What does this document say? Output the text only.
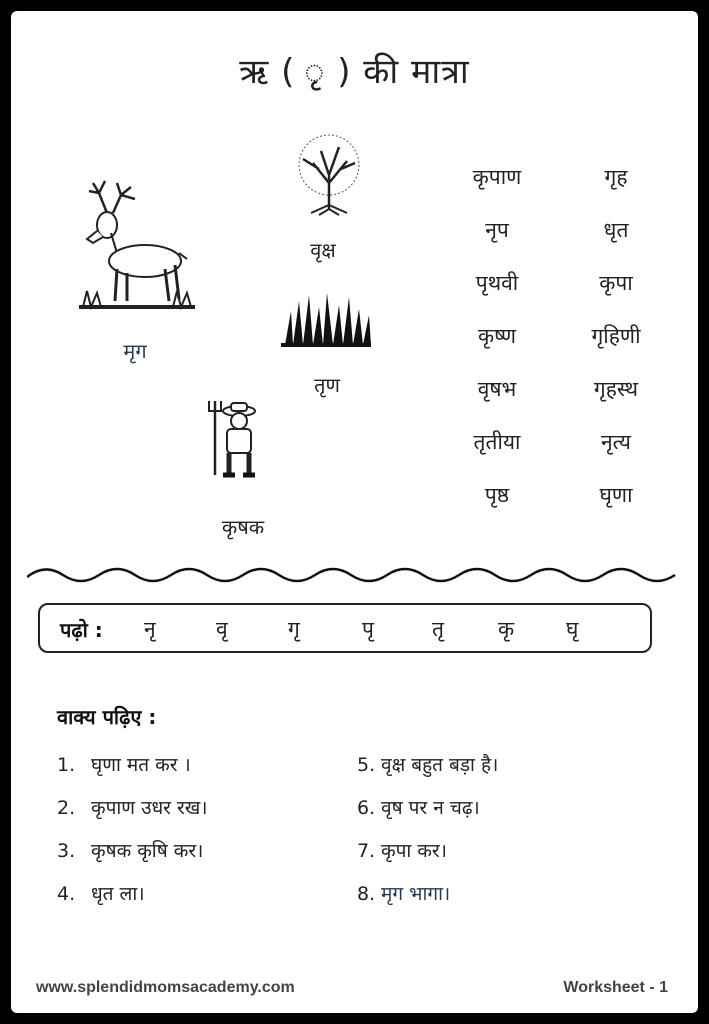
ऋ ( ृ ) की मात्रा
मृग
वृक्ष
तृण
कृषक
कृपाण	गृह
नृप	धृत
पृथवी	कृपा
कृष्ण	गृहिणी
वृषभ	गृहस्थ
तृतीया	नृत्य
पृष्ठ	घृणा
पढ़ो : नृ	वृ	गृ	पृ	तृ	कृ घृ
वाक्य पढ़िए :
1. घृणा मत कर ।
2. कृपाण उधर रख।
3. कृषक कृषि कर।
4. धृत ला।
5. वृक्ष बहुत बड़ा है।
6. वृष पर न चढ़।
7. कृपा कर।
8. मृग भागा।
www.splendidmomsacademy.com	Worksheet - 1
